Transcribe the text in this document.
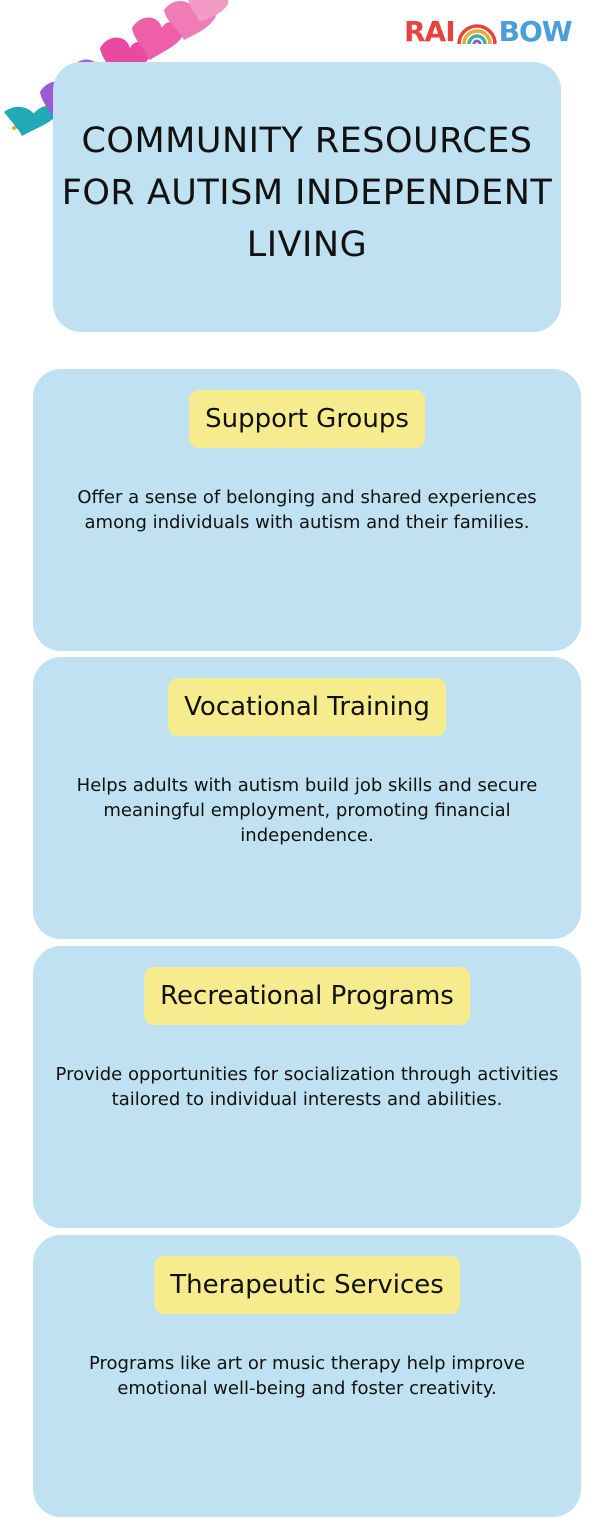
RAI BOW
COMMUNITY RESOURCES FOR AUTISM INDEPENDENT LIVING
Support Groups
Offer a sense of belonging and shared experiences among individuals with autism and their families.
Vocational Training
Helps adults with autism build job skills and secure meaningful employment, promoting financial independence.
Recreational Programs
Provide opportunities for socialization through activities tailored to individual interests and abilities.
Therapeutic Services
Programs like art or music therapy help improve emotional well-being and foster creativity.
